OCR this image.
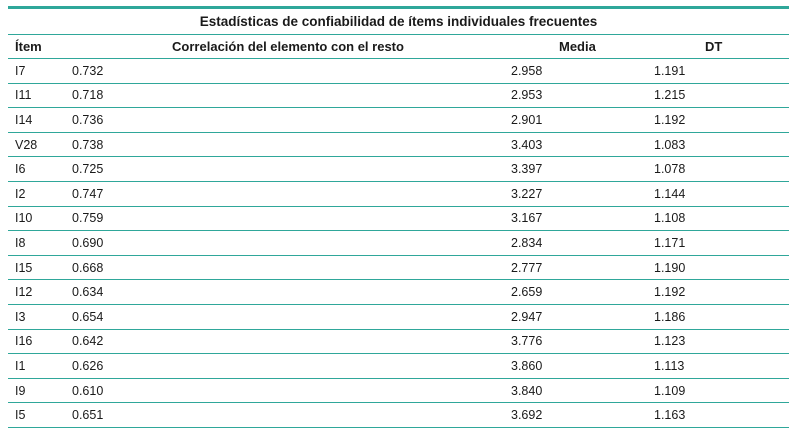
Estadísticas de confiabilidad de ítems individuales frecuentes
Ítem	Correlación del elemento con el resto	Media	DT
I7	0.732	2.958	1.191
I11	0.718	2.953	1.215
I14	0.736	2.901	1.192
V28	0.738	3.403	1.083
I6	0.725	3.397	1.078
I2	0.747	3.227	1.144
I10	0.759	3.167	1.108
I8	0.690	2.834	1.171
I15	0.668	2.777	1.190
I12	0.634	2.659	1.192
I3	0.654	2.947	1.186
I16	0.642	3.776	1.123
I1	0.626	3.860	1.113
I9	0.610	3.840	1.109
I5	0.651	3.692	1.163
